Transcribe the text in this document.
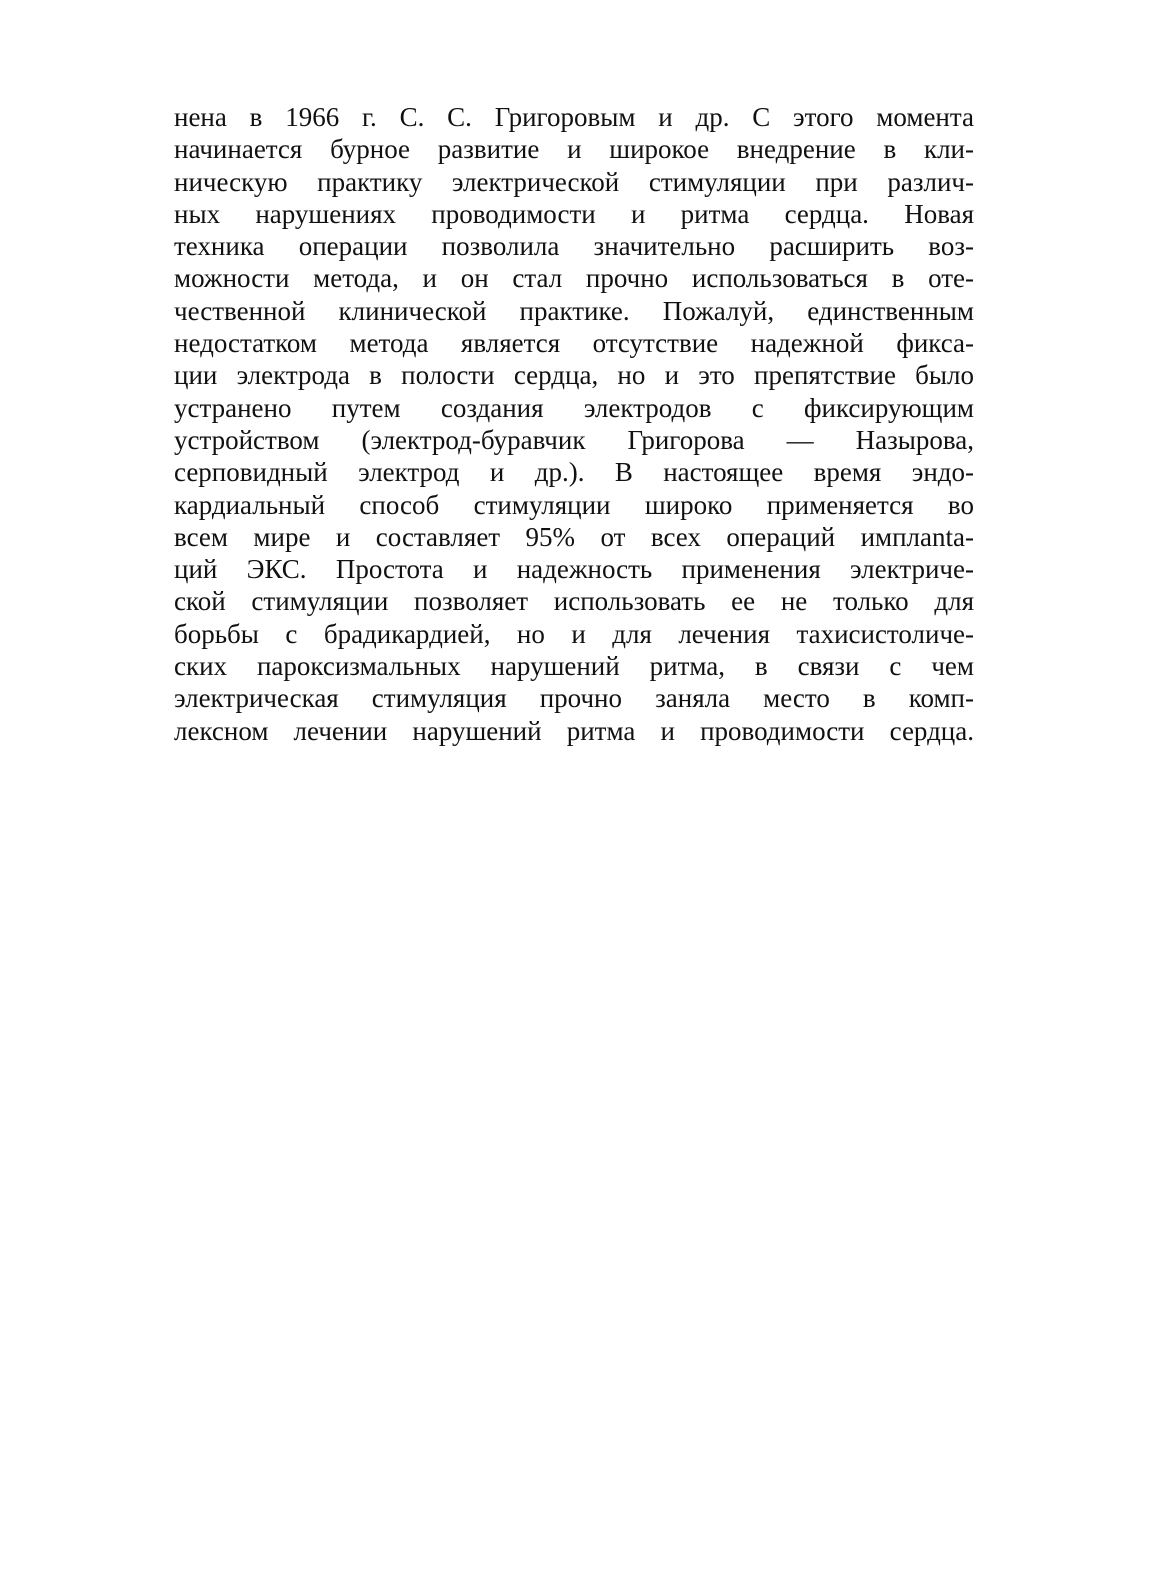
нена в 1966 г. С. С. Григоровым и др. С этого момента
начинается бурное развитие и широкое внедрение в кли-
ническую практику электрической стимуляции при различ-
ных нарушениях проводимости и ритма сердца. Новая
техника операции позволила значительно расширить воз-
можности метода, и он стал прочно использоваться в оте-
чественной клинической практике. Пожалуй, единственным
недостатком метода является отсутствие надежной фикса-
ции электрода в полости сердца, но и это препятствие было
устранено путем создания электродов с фиксирующим
устройством (электрод-буравчик Григорова — Назырова,
серповидный электрод и др.). В настоящее время эндо-
кардиальный способ стимуляции широко применяется во
всем мире и составляет 95% от всех операций имплanta-
ций ЭКС. Простота и надежность применения электриче-
ской стимуляции позволяет использовать ее не только для
борьбы с брадикардией, но и для лечения тахисистоличе-
ских пароксизмальных нарушений ритма, в связи с чем
электрическая стимуляция прочно заняла место в комп-
лексном лечении нарушений ритма и проводимости сердца.
